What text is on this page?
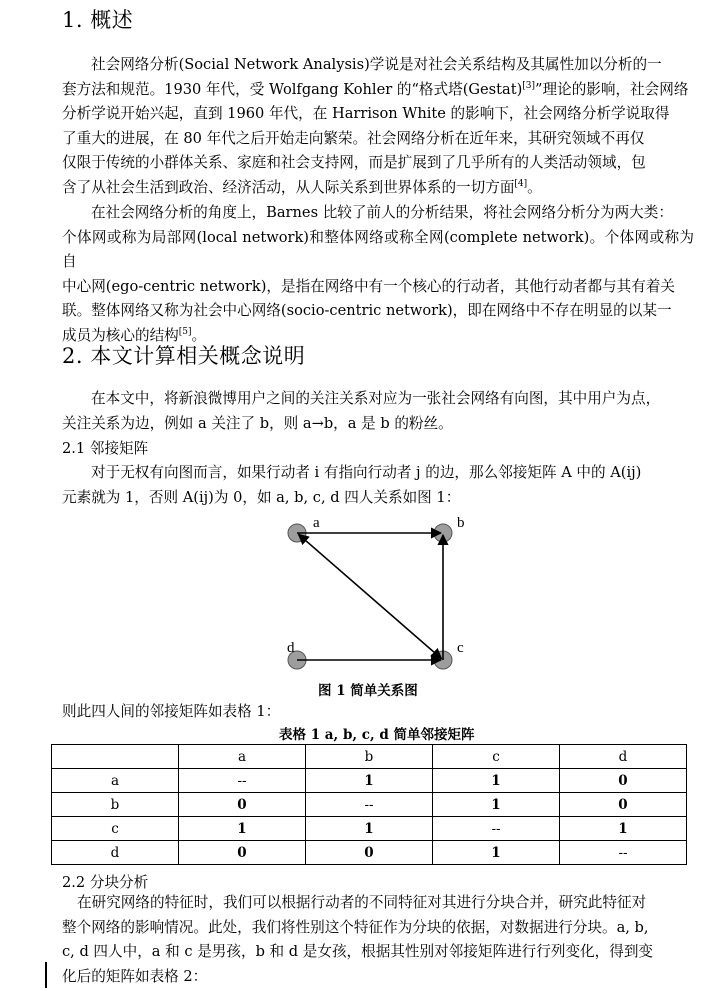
1. 概述
社会网络分析(Social Network Analysis)学说是对社会关系结构及其属性加以分析的一
套方法和规范。1930 年代，受 Wolfgang Kohler 的“格式塔(Gestat)[3]”理论的影响，社会网络
分析学说开始兴起，直到 1960 年代，在 Harrison White 的影响下，社会网络分析学说取得
了重大的进展，在 80 年代之后开始走向繁荣。社会网络分析在近年来，其研究领域不再仅
仅限于传统的小群体关系、家庭和社会支持网，而是扩展到了几乎所有的人类活动领域，包
含了从社会生活到政治、经济活动，从人际关系到世界体系的一切方面[4]。
在社会网络分析的角度上，Barnes 比较了前人的分析结果，将社会网络分析分为两大类：
个体网或称为局部网(local network)和整体网络或称全网(complete network)。个体网或称为自
中心网(ego-centric network)，是指在网络中有一个核心的行动者，其他行动者都与其有着关
联。整体网络又称为社会中心网络(socio-centric network)，即在网络中不存在明显的以某一
成员为核心的结构[5]。
2. 本文计算相关概念说明
在本文中，将新浪微博用户之间的关注关系对应为一张社会网络有向图，其中用户为点，
关注关系为边，例如 a 关注了 b，则 a→b，a 是 b 的粉丝。
2.1 邻接矩阵
对于无权有向图而言，如果行动者 i 有指向行动者 j 的边，那么邻接矩阵 A 中的 A(ij)
元素就为 1，否则 A(ij)为 0，如 a, b, c, d 四人关系如图 1：
a	b
c
d
图 1 简单关系图
则此四人间的邻接矩阵如表格 1：
表格 1 a, b, c, d 简单邻接矩阵
	a	b	c	d
a	--	1	1	0
b	0	--	1	0
c	1	1	--	1
d	0	0	1	--
2.2 分块分析
在研究网络的特征时，我们可以根据行动者的不同特征对其进行分块合并，研究此特征对
整个网络的影响情况。此处，我们将性别这个特征作为分块的依据，对数据进行分块。a, b,
c, d 四人中，a 和 c 是男孩，b 和 d 是女孩，根据其性别对邻接矩阵进行行列变化，得到变
化后的矩阵如表格 2：
